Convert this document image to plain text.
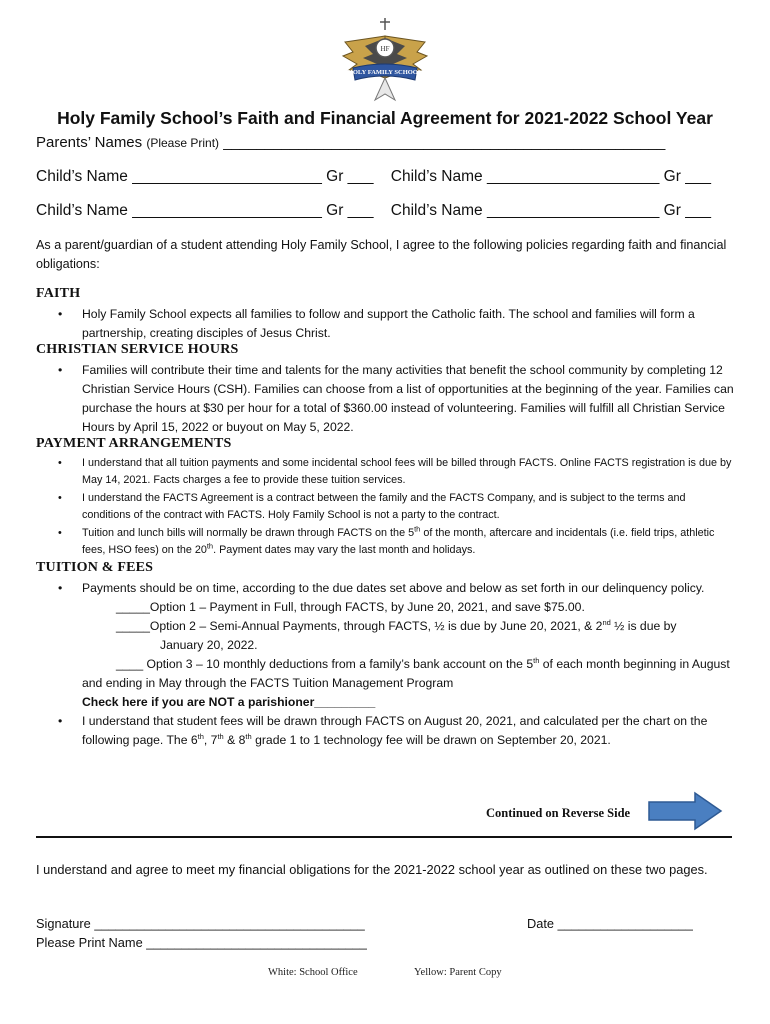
HF
HOLY FAMILY SCHOOL
Holy Family School’s Faith and Financial Agreement for 2021-2022 School Year
Parents’ Names (Please Print) _____________________________________________________
Child’s Name ______________________ Gr ___    Child’s Name ____________________ Gr ___
Child’s Name ______________________ Gr ___    Child’s Name ____________________ Gr ___
As a parent/guardian of a student attending Holy Family School, I agree to the following policies regarding faith and financial obligations:
FAITH
• Holy Family School expects all families to follow and support the Catholic faith. The school and families will form a partnership, creating disciples of Jesus Christ.
CHRISTIAN SERVICE HOURS
• Families will contribute their time and talents for the many activities that benefit the school community by completing 12 Christian Service Hours (CSH). Families can choose from a list of opportunities at the beginning of the year. Families can purchase the hours at $30 per hour for a total of $360.00 instead of volunteering. Families will fulfill all Christian Service Hours by April 15, 2022 or buyout on May 5, 2022.
PAYMENT ARRANGEMENTS
• I understand that all tuition payments and some incidental school fees will be billed through FACTS. Online FACTS registration is due by May 14, 2021. Facts charges a fee to provide these tuition services.
• I understand the FACTS Agreement is a contract between the family and the FACTS Company, and is subject to the terms and conditions of the contract with FACTS. Holy Family School is not a party to the contract.
• Tuition and lunch bills will normally be drawn through FACTS on the 5th of the month, aftercare and incidentals (i.e. field trips, athletic fees, HSO fees) on the 20th. Payment dates may vary the last month and holidays.
TUITION & FEES
• Payments should be on time, according to the due dates set above and below as set forth in our delinquency policy.
_____Option 1 – Payment in Full, through FACTS, by June 20, 2021, and save $75.00.
_____Option 2 – Semi-Annual Payments, through FACTS, ½ is due by June 20, 2021, & 2nd ½ is due by
January 20, 2022.
____ Option 3 – 10 monthly deductions from a family’s bank account on the 5th of each month beginning in August and ending in May through the FACTS Tuition Management Program
Check here if you are NOT a parishioner_________
• I understand that student fees will be drawn through FACTS on August 20, 2021, and calculated per the chart on the following page. The 6th, 7th & 8th grade 1 to 1 technology fee will be drawn on September 20, 2021.
Continued on Reverse Side
I understand and agree to meet my financial obligations for the 2021-2022 school year as outlined on these two pages.
Signature ______________________________________	Date ___________________
Please Print Name _______________________________
White: School Office	Yellow: Parent Copy
